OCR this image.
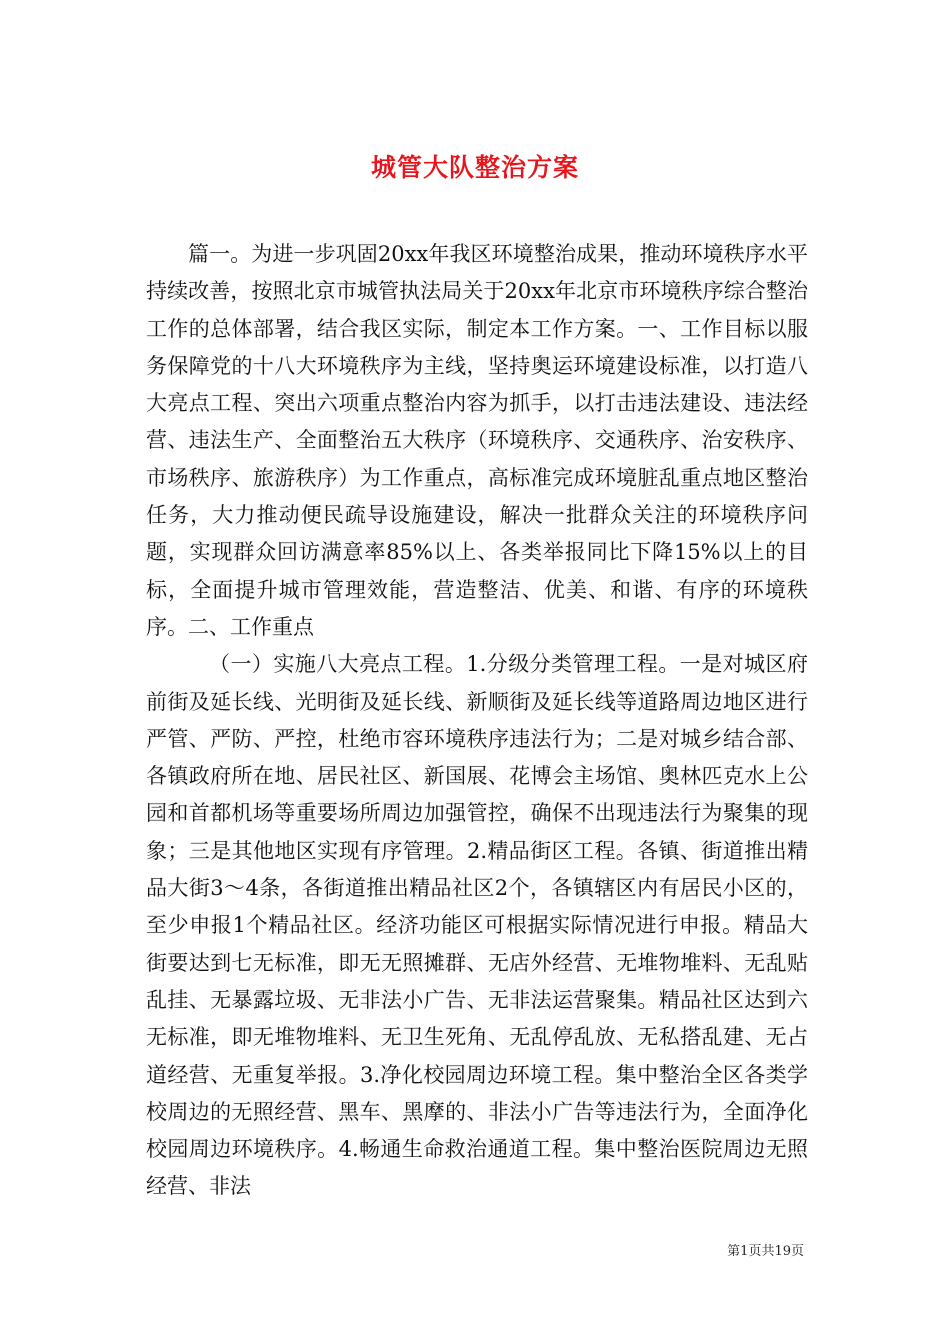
城管大队整治方案

篇一。为进一步巩固20xx年我区环境整治成果，推动环境秩序水平持续改善，按照北京市城管执法局关于20xx年北京市环境秩序综合整治工作的总体部署，结合我区实际，制定本工作方案。一、工作目标以服务保障党的十八大环境秩序为主线，坚持奥运环境建设标准，以打造八大亮点工程、突出六项重点整治内容为抓手，以打击违法建设、违法经营、违法生产、全面整治五大秩序（环境秩序、交通秩序、治安秩序、市场秩序、旅游秩序）为工作重点，高标准完成环境脏乱重点地区整治任务，大力推动便民疏导设施建设，解决一批群众关注的环境秩序问题，实现群众回访满意率85%以上、各类举报同比下降15%以上的目标，全面提升城市管理效能，营造整洁、优美、和谐、有序的环境秩序。二、工作重点

（一）实施八大亮点工程。1.分级分类管理工程。一是对城区府前街及延长线、光明街及延长线、新顺街及延长线等道路周边地区进行严管、严防、严控，杜绝市容环境秩序违法行为；二是对城乡结合部、各镇政府所在地、居民社区、新国展、花博会主场馆、奥林匹克水上公园和首都机场等重要场所周边加强管控，确保不出现违法行为聚集的现象；三是其他地区实现有序管理。2.精品街区工程。各镇、街道推出精品大街3～4条，各街道推出精品社区2个，各镇辖区内有居民小区的，至少申报1个精品社区。经济功能区可根据实际情况进行申报。精品大街要达到七无标准，即无无照摊群、无店外经营、无堆物堆料、无乱贴乱挂、无暴露垃圾、无非法小广告、无非法运营聚集。精品社区达到六无标准，即无堆物堆料、无卫生死角、无乱停乱放、无私搭乱建、无占道经营、无重复举报。3.净化校园周边环境工程。集中整治全区各类学校周边的无照经营、黑车、黑摩的、非法小广告等违法行为，全面净化校园周边环境秩序。4.畅通生命救治通道工程。集中整治医院周边无照经营、非法

第1页共19页
